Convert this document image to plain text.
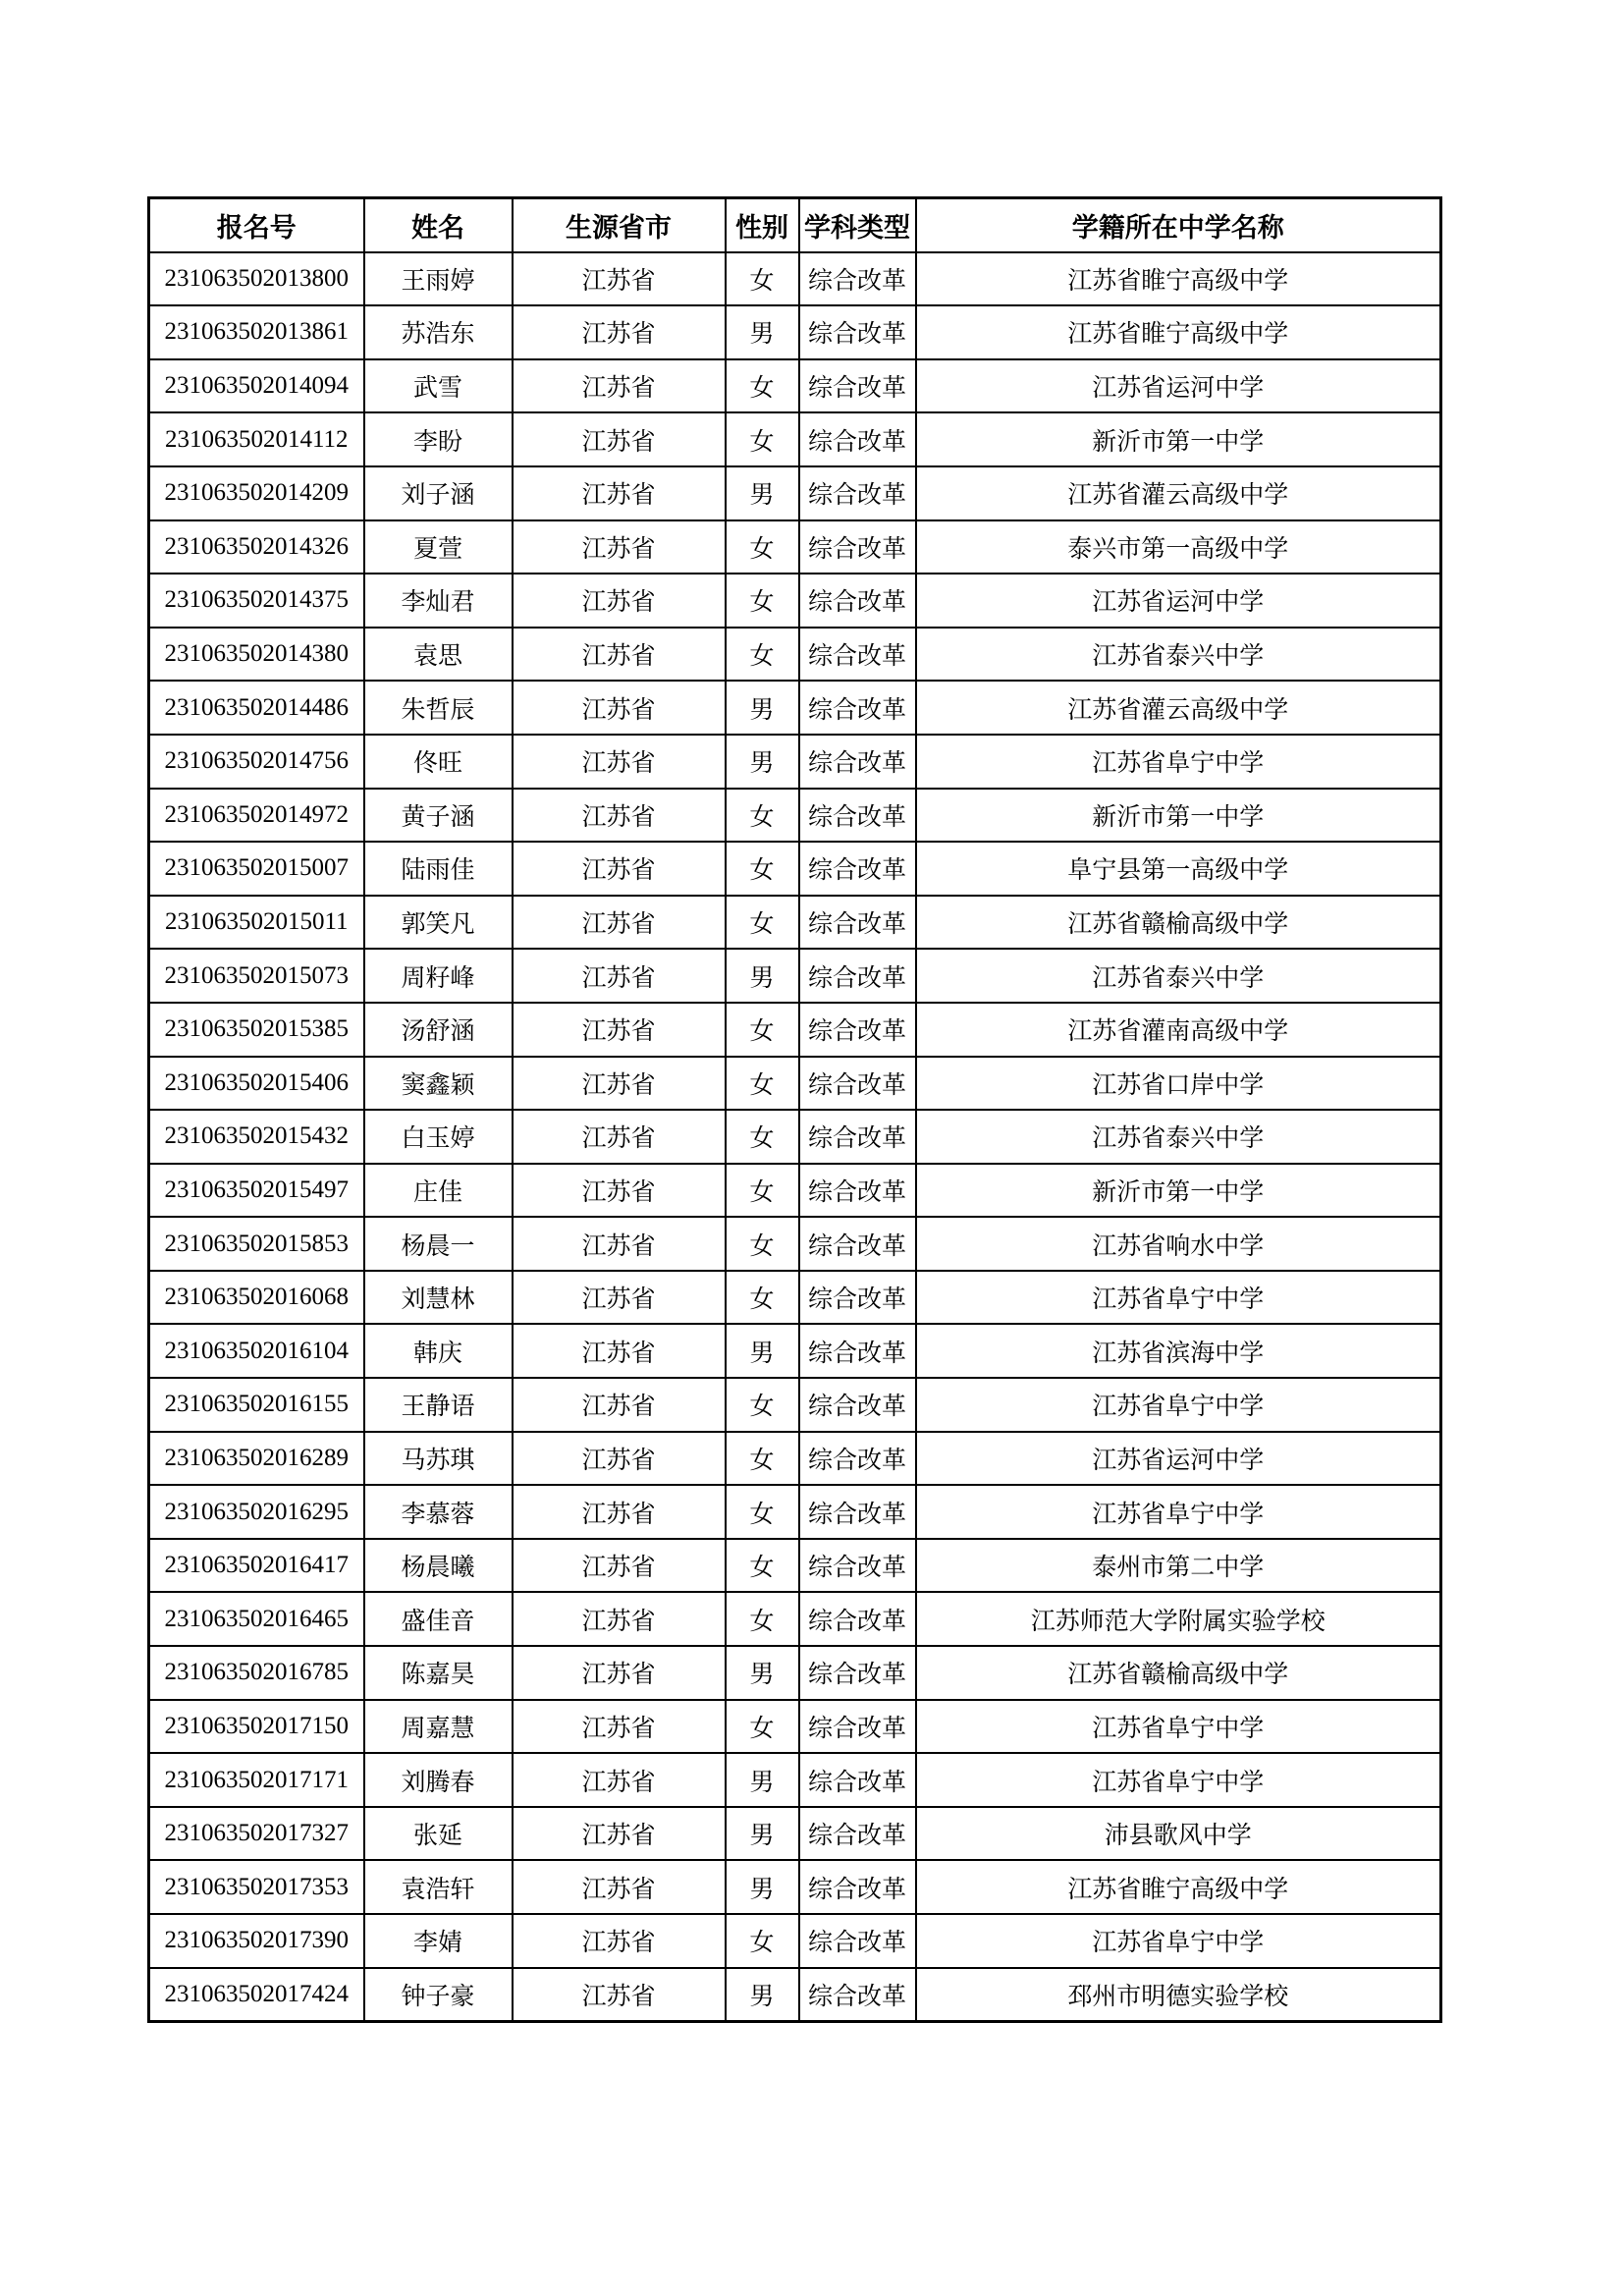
报名号	姓名	生源省市	性别	学科类型	学籍所在中学名称
231063502013800	王雨婷	江苏省	女	综合改革	江苏省睢宁高级中学
231063502013861	苏浩东	江苏省	男	综合改革	江苏省睢宁高级中学
231063502014094	武雪	江苏省	女	综合改革	江苏省运河中学
231063502014112	李盼	江苏省	女	综合改革	新沂市第一中学
231063502014209	刘子涵	江苏省	男	综合改革	江苏省灌云高级中学
231063502014326	夏萱	江苏省	女	综合改革	泰兴市第一高级中学
231063502014375	李灿君	江苏省	女	综合改革	江苏省运河中学
231063502014380	袁思	江苏省	女	综合改革	江苏省泰兴中学
231063502014486	朱哲辰	江苏省	男	综合改革	江苏省灌云高级中学
231063502014756	佟旺	江苏省	男	综合改革	江苏省阜宁中学
231063502014972	黄子涵	江苏省	女	综合改革	新沂市第一中学
231063502015007	陆雨佳	江苏省	女	综合改革	阜宁县第一高级中学
231063502015011	郭笑凡	江苏省	女	综合改革	江苏省赣榆高级中学
231063502015073	周籽峰	江苏省	男	综合改革	江苏省泰兴中学
231063502015385	汤舒涵	江苏省	女	综合改革	江苏省灌南高级中学
231063502015406	窦鑫颖	江苏省	女	综合改革	江苏省口岸中学
231063502015432	白玉婷	江苏省	女	综合改革	江苏省泰兴中学
231063502015497	庄佳	江苏省	女	综合改革	新沂市第一中学
231063502015853	杨晨一	江苏省	女	综合改革	江苏省响水中学
231063502016068	刘慧林	江苏省	女	综合改革	江苏省阜宁中学
231063502016104	韩庆	江苏省	男	综合改革	江苏省滨海中学
231063502016155	王静语	江苏省	女	综合改革	江苏省阜宁中学
231063502016289	马苏琪	江苏省	女	综合改革	江苏省运河中学
231063502016295	李慕蓉	江苏省	女	综合改革	江苏省阜宁中学
231063502016417	杨晨曦	江苏省	女	综合改革	泰州市第二中学
231063502016465	盛佳音	江苏省	女	综合改革	江苏师范大学附属实验学校
231063502016785	陈嘉昊	江苏省	男	综合改革	江苏省赣榆高级中学
231063502017150	周嘉慧	江苏省	女	综合改革	江苏省阜宁中学
231063502017171	刘腾春	江苏省	男	综合改革	江苏省阜宁中学
231063502017327	张延	江苏省	男	综合改革	沛县歌风中学
231063502017353	袁浩轩	江苏省	男	综合改革	江苏省睢宁高级中学
231063502017390	李婧	江苏省	女	综合改革	江苏省阜宁中学
231063502017424	钟子豪	江苏省	男	综合改革	邳州市明德实验学校
